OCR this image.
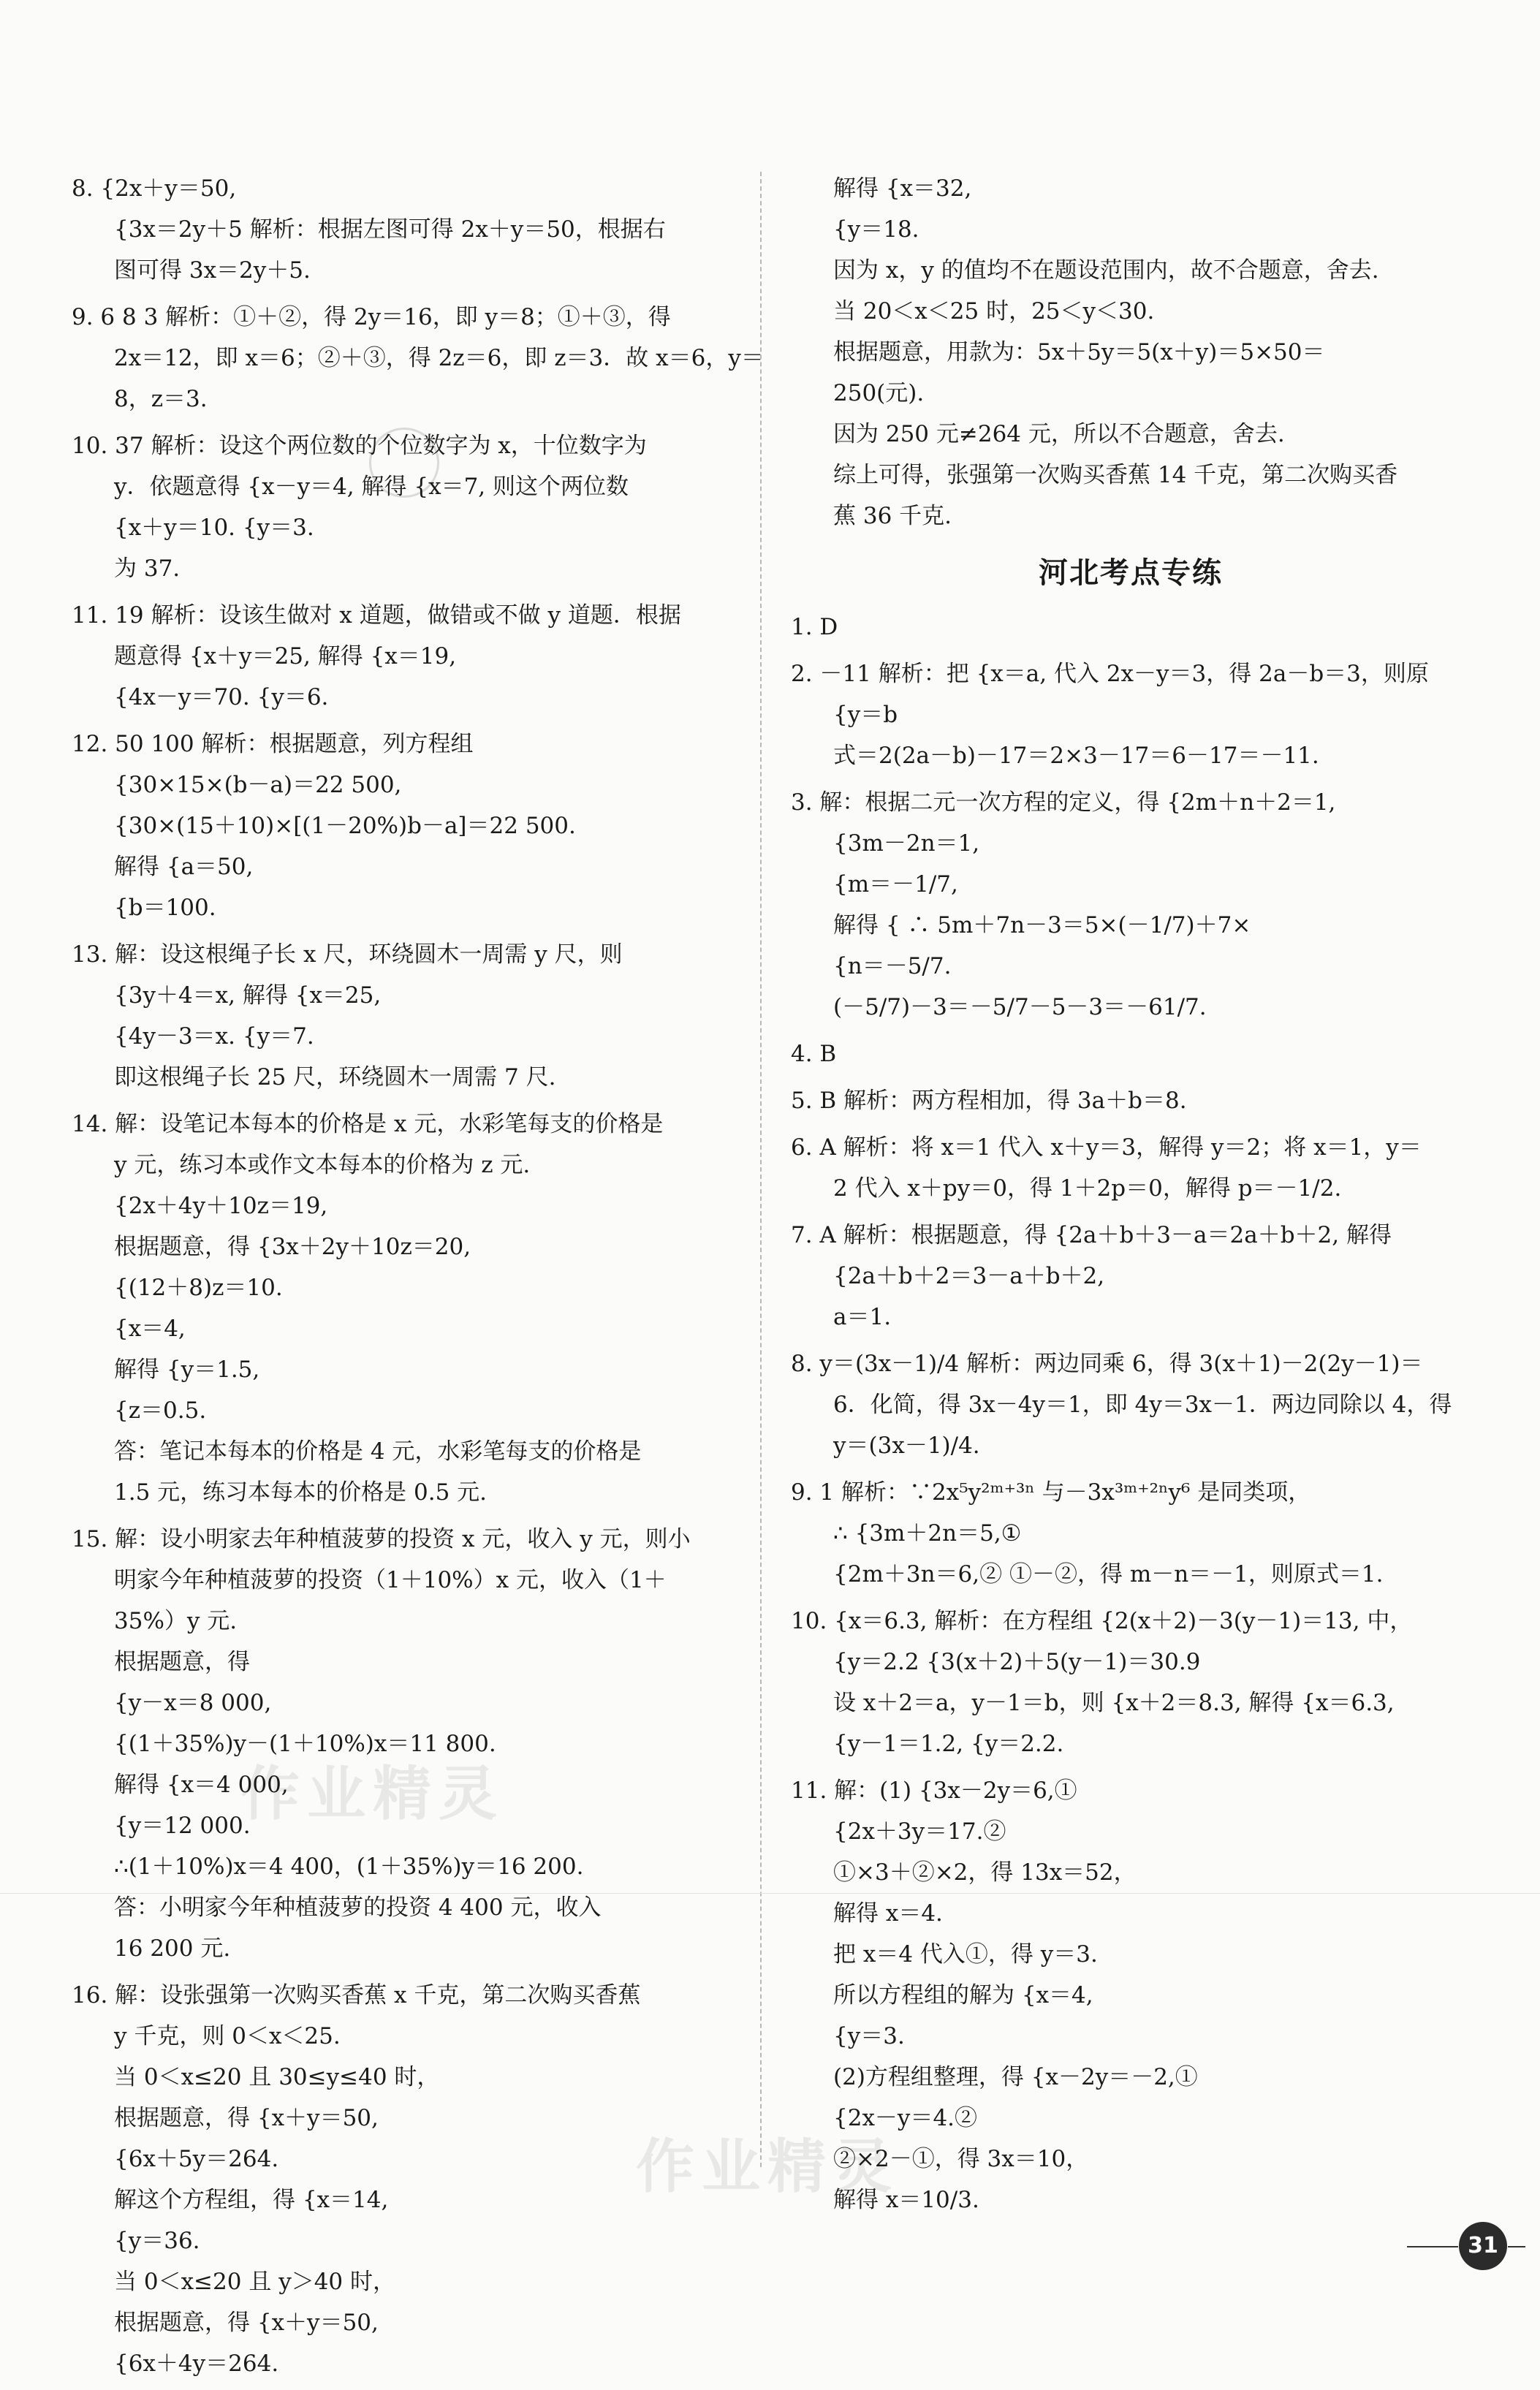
作业精灵
作业精灵
8. {2x＋y＝50,
{3x＝2y＋5 解析：根据左图可得 2x＋y＝50，根据右
图可得 3x＝2y＋5.
9. 6 8 3 解析：①＋②，得 2y＝16，即 y＝8；①＋③，得
2x＝12，即 x＝6；②＋③，得 2z＝6，即 z＝3．故 x＝6，y＝
8，z＝3.
10. 37 解析：设这个两位数的个位数字为 x，十位数字为
y．依题意得 {x－y＝4, 解得 {x＝7, 则这个两位数
{x＋y＝10. {y＝3.
为 37.
11. 19 解析：设该生做对 x 道题，做错或不做 y 道题．根据
题意得 {x＋y＝25, 解得 {x＝19,
{4x－y＝70. {y＝6.
12. 50 100 解析：根据题意，列方程组
{30×15×(b－a)＝22 500,
{30×(15＋10)×[(1－20%)b－a]＝22 500.
解得 {a＝50,
{b＝100.
13. 解：设这根绳子长 x 尺，环绕圆木一周需 y 尺，则
{3y＋4＝x, 解得 {x＝25,
{4y－3＝x. {y＝7.
即这根绳子长 25 尺，环绕圆木一周需 7 尺.
14. 解：设笔记本每本的价格是 x 元，水彩笔每支的价格是
y 元，练习本或作文本每本的价格为 z 元.
{2x＋4y＋10z＝19,
根据题意，得 {3x＋2y＋10z＝20,
{(12＋8)z＝10.
{x＝4,
解得 {y＝1.5,
{z＝0.5.
答：笔记本每本的价格是 4 元，水彩笔每支的价格是
1.5 元，练习本每本的价格是 0.5 元.
15. 解：设小明家去年种植菠萝的投资 x 元，收入 y 元，则小
明家今年种植菠萝的投资（1＋10%）x 元，收入（1＋
35%）y 元.
根据题意，得
{y－x＝8 000,
{(1＋35%)y－(1＋10%)x＝11 800.
解得 {x＝4 000,
{y＝12 000.
∴(1＋10%)x＝4 400，(1＋35%)y＝16 200.
答：小明家今年种植菠萝的投资 4 400 元，收入
16 200 元.
16. 解：设张强第一次购买香蕉 x 千克，第二次购买香蕉
y 千克，则 0＜x＜25.
当 0＜x≤20 且 30≤y≤40 时，
根据题意，得 {x＋y＝50,
{6x＋5y＝264.
解这个方程组，得 {x＝14,
{y＝36.
当 0＜x≤20 且 y＞40 时，
根据题意，得 {x＋y＝50,
{6x＋4y＝264.
解得 {x＝32,
{y＝18.
因为 x，y 的值均不在题设范围内，故不合题意，舍去.
当 20＜x＜25 时，25＜y＜30.
根据题意，用款为：5x＋5y＝5(x＋y)＝5×50＝
250(元).
因为 250 元≠264 元，所以不合题意，舍去.
综上可得，张强第一次购买香蕉 14 千克，第二次购买香
蕉 36 千克.
河北考点专练
1. D
2. －11 解析：把 {x＝a, 代入 2x－y＝3，得 2a－b＝3，则原
{y＝b
式＝2(2a－b)－17＝2×3－17＝6－17＝－11.
3. 解：根据二元一次方程的定义，得 {2m＋n＋2＝1,
{3m－2n＝1,
{m＝－1/7,
解得 { ∴ 5m＋7n－3＝5×(－1/7)＋7×
{n＝－5/7.
(－5/7)－3＝－5/7－5－3＝－61/7.
4. B
5. B 解析：两方程相加，得 3a＋b＝8.
6. A 解析：将 x＝1 代入 x＋y＝3，解得 y＝2；将 x＝1，y＝
2 代入 x＋py＝0，得 1＋2p＝0，解得 p＝－1/2.
7. A 解析：根据题意，得 {2a＋b＋3－a＝2a＋b＋2, 解得
{2a＋b＋2＝3－a＋b＋2,
a＝1.
8. y＝(3x－1)/4 解析：两边同乘 6，得 3(x＋1)－2(2y－1)＝
6．化简，得 3x－4y＝1，即 4y＝3x－1．两边同除以 4，得
y＝(3x－1)/4.
9. 1 解析：∵2x⁵y²ᵐ⁺³ⁿ 与－3x³ᵐ⁺²ⁿy⁶ 是同类项，
∴ {3m＋2n＝5,①
{2m＋3n＝6,② ①－②，得 m－n＝－1，则原式＝1.
10. {x＝6.3, 解析：在方程组 {2(x＋2)－3(y－1)＝13, 中，
{y＝2.2 {3(x＋2)＋5(y－1)＝30.9
设 x＋2＝a，y－1＝b，则 {x＋2＝8.3, 解得 {x＝6.3,
{y－1＝1.2, {y＝2.2.
11. 解：(1) {3x－2y＝6,①
{2x＋3y＝17.②
①×3＋②×2，得 13x＝52，
解得 x＝4.
把 x＝4 代入①，得 y＝3.
所以方程组的解为 {x＝4,
{y＝3.
(2)方程组整理，得 {x－2y＝－2,①
{2x－y＝4.②
②×2－①，得 3x＝10，
解得 x＝10/3.
31
